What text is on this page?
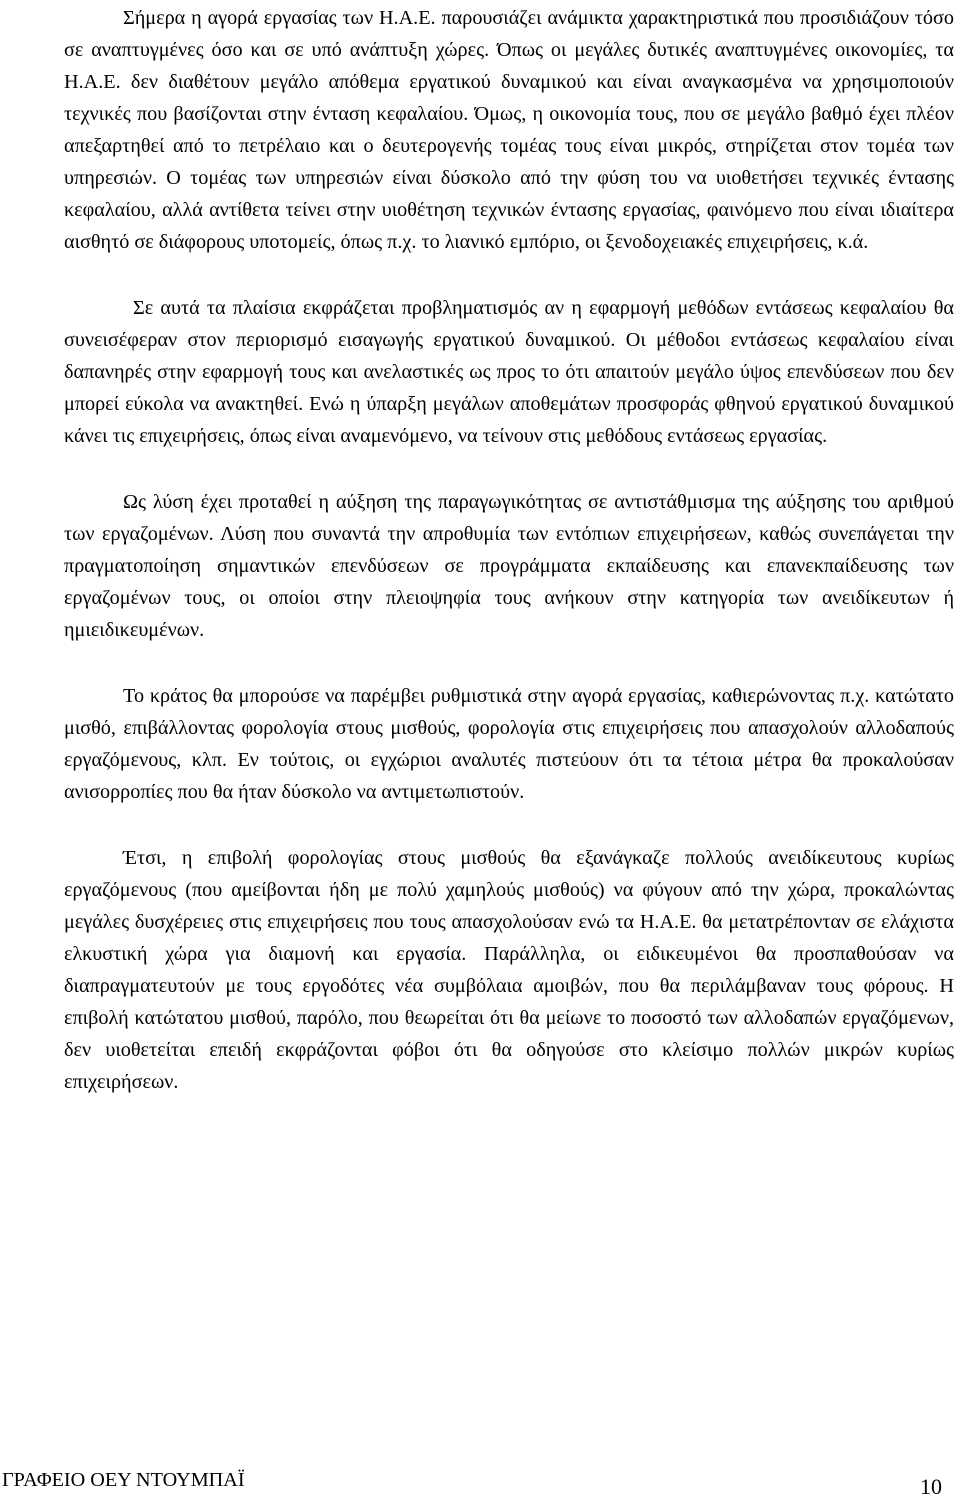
Σήμερα η αγορά εργασίας των Η.Α.Ε. παρουσιάζει ανάμικτα χαρακτηριστικά που προσιδιάζουν τόσο σε αναπτυγμένες όσο και σε υπό ανάπτυξη χώρες. Όπως οι μεγάλες δυτικές αναπτυγμένες οικονομίες, τα Η.Α.Ε. δεν διαθέτουν μεγάλο απόθεμα εργατικού δυναμικού και είναι αναγκασμένα να χρησιμοποιούν τεχνικές που βασίζονται στην ένταση κεφαλαίου. Όμως, η οικονομία τους, που σε μεγάλο βαθμό έχει πλέον απεξαρτηθεί από το πετρέλαιο και ο δευτερογενής τομέας τους είναι μικρός, στηρίζεται στον τομέα των υπηρεσιών. Ο τομέας των υπηρεσιών είναι δύσκολο από την φύση του να υιοθετήσει τεχνικές έντασης κεφαλαίου, αλλά αντίθετα τείνει στην υιοθέτηση τεχνικών έντασης εργασίας, φαινόμενο που είναι ιδιαίτερα αισθητό σε διάφορους υποτομείς, όπως π.χ. το λιανικό εμπόριο, οι ξενοδοχειακές επιχειρήσεις, κ.ά.

Σε αυτά τα πλαίσια εκφράζεται προβληματισμός αν η εφαρμογή μεθόδων εντάσεως κεφαλαίου θα συνεισέφεραν στον περιορισμό εισαγωγής εργατικού δυναμικού. Οι μέθοδοι εντάσεως κεφαλαίου είναι δαπανηρές στην εφαρμογή τους και ανελαστικές ως προς το ότι απαιτούν μεγάλο ύψος επενδύσεων που δεν μπορεί εύκολα να ανακτηθεί. Ενώ η ύπαρξη μεγάλων αποθεμάτων προσφοράς φθηνού εργατικού δυναμικού κάνει τις επιχειρήσεις, όπως είναι αναμενόμενο, να τείνουν στις μεθόδους εντάσεως εργασίας.

Ως λύση έχει προταθεί η αύξηση της παραγωγικότητας σε αντιστάθμισμα της αύξησης του αριθμού των εργαζομένων. Λύση που συναντά την απροθυμία των εντόπιων επιχειρήσεων, καθώς συνεπάγεται την πραγματοποίηση σημαντικών επενδύσεων σε προγράμματα εκπαίδευσης και επανεκπαίδευσης των εργαζομένων τους, οι οποίοι στην πλειοψηφία τους ανήκουν στην κατηγορία των ανειδίκευτων ή ημιειδικευμένων.

Το κράτος θα μπορούσε να παρέμβει ρυθμιστικά στην αγορά εργασίας, καθιερώνοντας π.χ. κατώτατο μισθό, επιβάλλοντας φορολογία στους μισθούς, φορολογία στις επιχειρήσεις που απασχολούν αλλοδαπούς εργαζόμενους, κλπ. Εν τούτοις, οι εγχώριοι αναλυτές πιστεύουν ότι τα τέτοια μέτρα θα προκαλούσαν ανισορροπίες που θα ήταν δύσκολο να αντιμετωπιστούν.

Έτσι, η επιβολή φορολογίας στους μισθούς θα εξανάγκαζε πολλούς ανειδίκευτους κυρίως εργαζόμενους (που αμείβονται ήδη με πολύ χαμηλούς μισθούς) να φύγουν από την χώρα, προκαλώντας μεγάλες δυσχέρειες στις επιχειρήσεις που τους απασχολούσαν ενώ τα Η.Α.Ε. θα μετατρέπονταν σε ελάχιστα ελκυστική χώρα για διαμονή και εργασία. Παράλληλα, οι ειδικευμένοι θα προσπαθούσαν να διαπραγματευτούν με τους εργοδότες νέα συμβόλαια αμοιβών, που θα περιλάμβαναν τους φόρους. Η επιβολή κατώτατου μισθού, παρόλο, που θεωρείται ότι θα μείωνε το ποσοστό των αλλοδαπών εργαζόμενων, δεν υιοθετείται επειδή εκφράζονται φόβοι ότι θα οδηγούσε στο κλείσιμο πολλών μικρών κυρίως επιχειρήσεων.

ΓΡΑΦΕΙΟ ΟΕΥ ΝΤΟΥΜΠΑΪ	10
